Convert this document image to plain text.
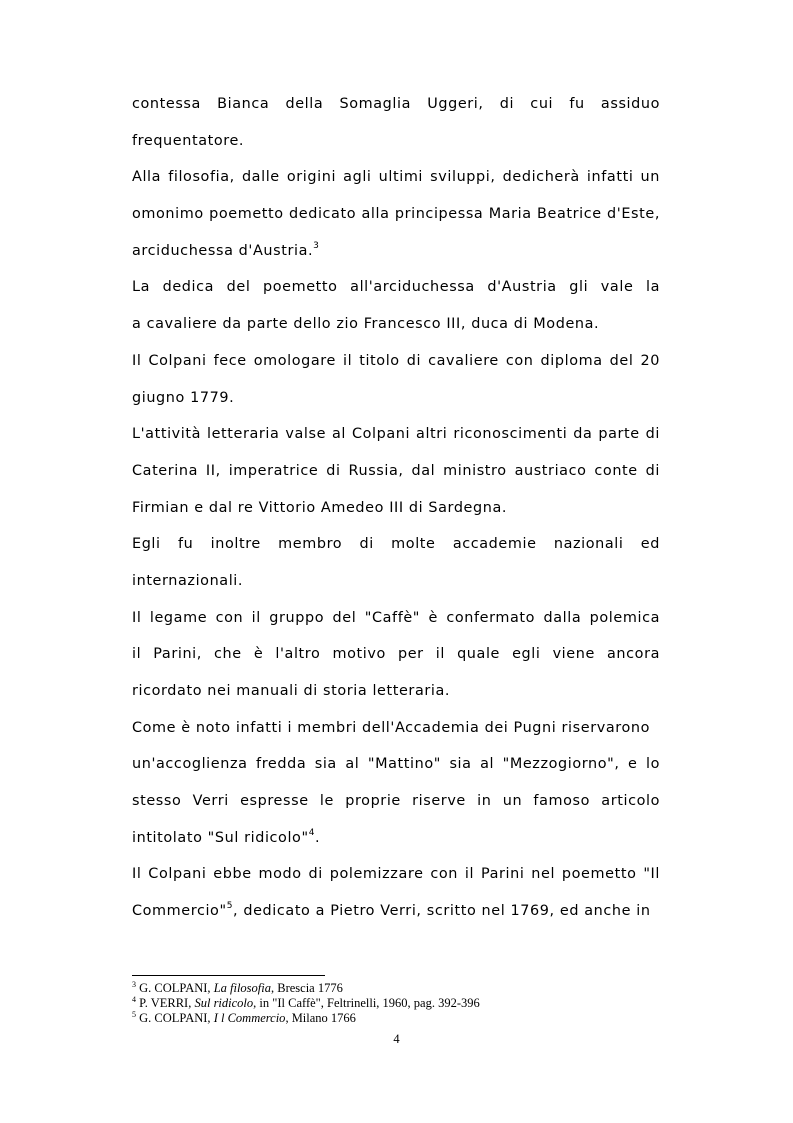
contessa Bianca della Somaglia Uggeri, di cui fu assiduo
frequentatore.
Alla filosofia, dalle origini agli ultimi sviluppi, dedicherà infatti un
omonimo poemetto dedicato alla principessa Maria Beatrice d'Este,
arciduchessa d'Austria.$^3$
La dedica del poemetto all'arciduchessa d'Austria gli vale la
a cavaliere da parte dello zio Francesco III, duca di Modena.
Il Colpani fece omologare il titolo di cavaliere con diploma del 20
giugno 1779.
L'attività letteraria valse al Colpani altri riconoscimenti da parte di
Caterina II, imperatrice di Russia, dal ministro austriaco conte di
Firmian e dal re Vittorio Amedeo III di Sardegna.
Egli fu inoltre membro di molte accademie nazionali ed
internazionali.
Il legame con il gruppo del "Caffè" è confermato dalla polemica
il Parini, che è l'altro motivo per il quale egli viene ancora
ricordato nei manuali di storia letteraria.
Come è noto infatti i membri dell'Accademia dei Pugni riservarono
un'accoglienza fredda sia al "Mattino" sia al "Mezzogiorno", e lo
stesso Verri espresse le proprie riserve in un famoso articolo
intitolato "Sul ridicolo"$^4$.
Il Colpani ebbe modo di polemizzare con il Parini nel poemetto "Il
Commercio"$^5$, dedicato a Pietro Verri, scritto nel 1769, ed anche in
$^3$ G. COLPANI, La filosofia, Brescia 1776
$^4$ P. VERRI, Sul ridicolo, in "Il Caffè", Feltrinelli, 1960, pag. 392-396
$^5$ G. COLPANI, I l Commercio, Milano 1766
4
